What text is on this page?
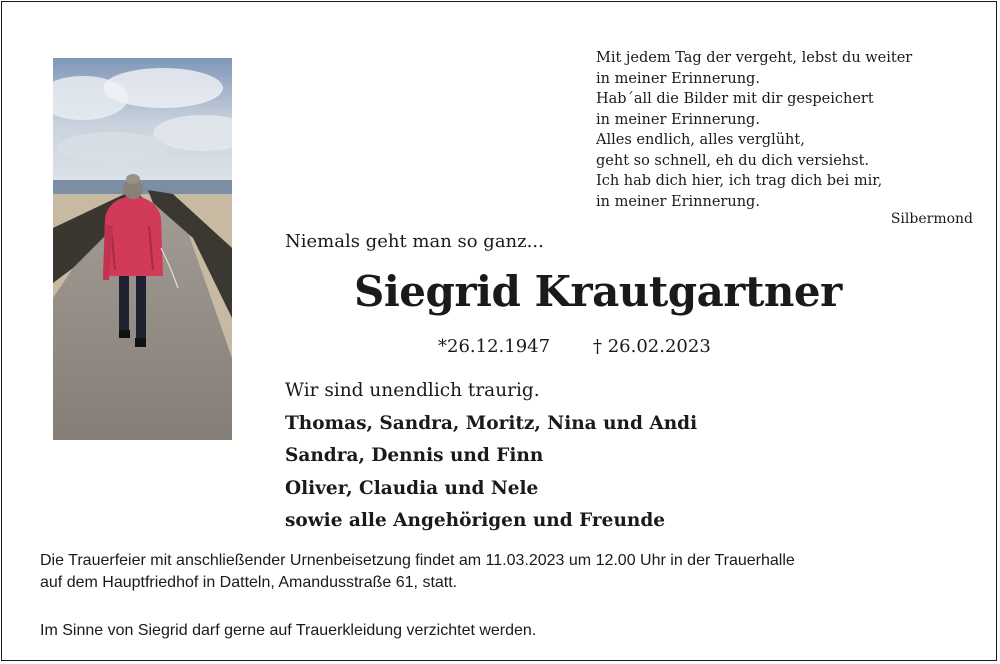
Mit jedem Tag der vergeht, lebst du weiter
in meiner Erinnerung.
Hab´all die Bilder mit dir gespeichert
in meiner Erinnerung.
Alles endlich, alles verglüht,
geht so schnell, eh du dich versiehst.
Ich hab dich hier, ich trag dich bei mir,
in meiner Erinnerung.
Silbermond
Niemals geht man so ganz...
Siegrid Krautgartner
*26.12.1947 † 26.02.2023
Wir sind unendlich traurig.
Thomas, Sandra, Moritz, Nina und Andi
Sandra, Dennis und Finn
Oliver, Claudia und Nele
sowie alle Angehörigen und Freunde
Die Trauerfeier mit anschließender Urnenbeisetzung findet am 11.03.2023 um 12.00 Uhr in der Trauerhalle
auf dem Hauptfriedhof in Datteln, Amandusstraße 61, statt.
Im Sinne von Siegrid darf gerne auf Trauerkleidung verzichtet werden.
